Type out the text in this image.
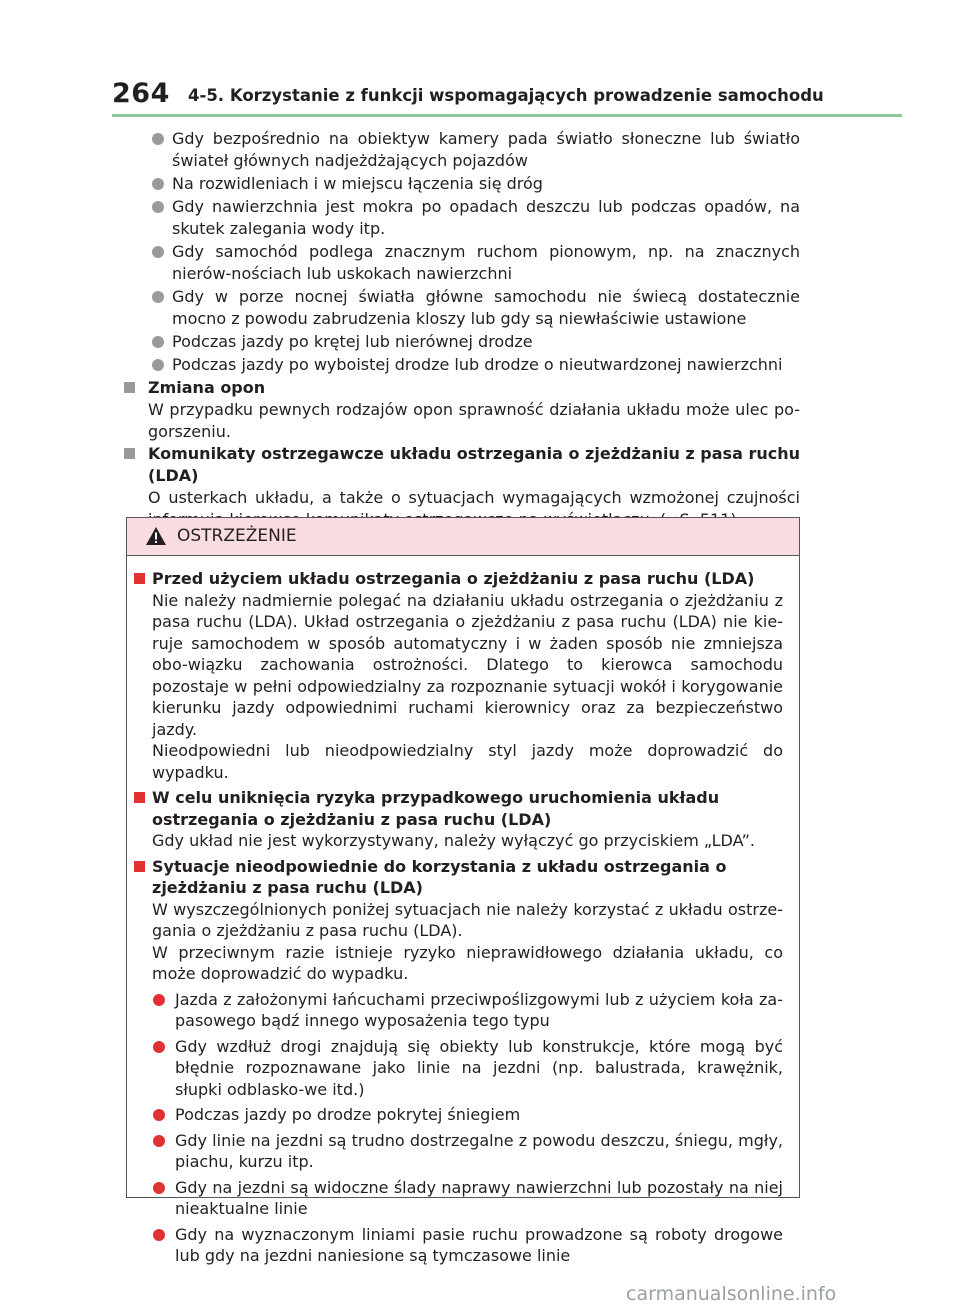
264 4-5. Korzystanie z funkcji wspomagających prowadzenie samochodu
Gdy bezpośrednio na obiektyw kamery pada światło słoneczne lub światło świateł głównych nadjeżdżających pojazdów
Na rozwidleniach i w miejscu łączenia się dróg
Gdy nawierzchnia jest mokra po opadach deszczu lub podczas opadów, na skutek zalegania wody itp.
Gdy samochód podlega znacznym ruchom pionowym, np. na znacznych nierów-nościach lub uskokach nawierzchni
Gdy w porze nocnej światła główne samochodu nie świecą dostatecznie mocno z powodu zabrudzenia kloszy lub gdy są niewłaściwie ustawione
Podczas jazdy po krętej lub nierównej drodze
Podczas jazdy po wyboistej drodze lub drodze o nieutwardzonej nawierzchni
Zmiana opon
W przypadku pewnych rodzajów opon sprawność działania układu może ulec po-gorszeniu.
Komunikaty ostrzegawcze układu ostrzegania o zjeżdżaniu z pasa ruchu (LDA)
O usterkach układu, a także o sytuacjach wymagających wzmożonej czujności
OSTRZEŻENIE
Przed użyciem układu ostrzegania o zjeżdżaniu z pasa ruchu (LDA)
Nie należy nadmiernie polegać na działaniu układu ostrzegania o zjeżdżaniu z pasa ruchu (LDA). Układ ostrzegania o zjeżdżaniu z pasa ruchu (LDA) nie kie-ruje samochodem w sposób automatyczny i w żaden sposób nie zmniejsza obo-wiązku zachowania ostrożności. Dlatego to kierowca samochodu pozostaje w pełni odpowiedzialny za rozpoznanie sytuacji wokół i korygowanie kierunku jazdy odpowiednimi ruchami kierownicy oraz za bezpieczeństwo jazdy.
Nieodpowiedni lub nieodpowiedzialny styl jazdy może doprowadzić do wypadku.
W celu uniknięcia ryzyka przypadkowego uruchomienia układu ostrzegania o zjeżdżaniu z pasa ruchu (LDA)
Gdy układ nie jest wykorzystywany, należy wyłączyć go przyciskiem „LDA”.
Sytuacje nieodpowiednie do korzystania z układu ostrzegania o zjeżdżaniu z pasa ruchu (LDA)
W wyszczególnionych poniżej sytuacjach nie należy korzystać z układu ostrze-gania o zjeżdżaniu z pasa ruchu (LDA).
W przeciwnym razie istnieje ryzyko nieprawidłowego działania układu, co może doprowadzić do wypadku.
Jazda z założonymi łańcuchami przeciwpoślizgowymi lub z użyciem koła za-pasowego bądź innego wyposażenia tego typu
Gdy wzdłuż drogi znajdują się obiekty lub konstrukcje, które mogą być błędnie rozpoznawane jako linie na jezdni (np. balustrada, krawężnik, słupki odblasko-we itd.)
Podczas jazdy po drodze pokrytej śniegiem
Gdy linie na jezdni są trudno dostrzegalne z powodu deszczu, śniegu, mgły, piachu, kurzu itp.
Gdy na jezdni są widoczne ślady naprawy nawierzchni lub pozostały na niej nieaktualne linie
Gdy na wyznaczonym liniami pasie ruchu prowadzone są roboty drogowe lub gdy na jezdni naniesione są tymczasowe linie
carmanualsonline.info
